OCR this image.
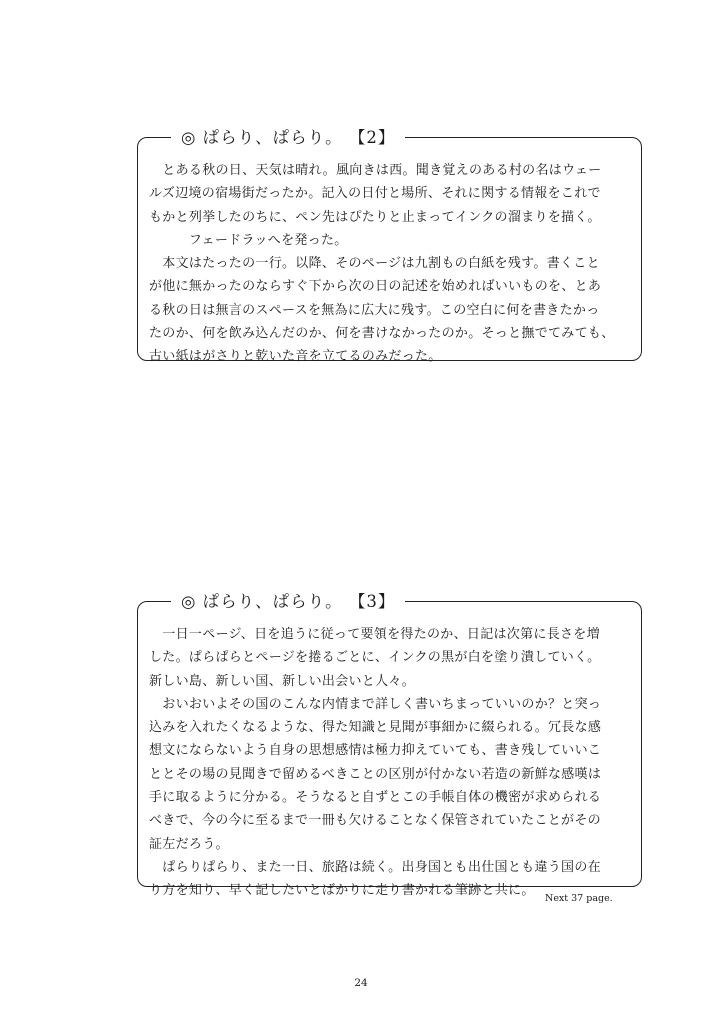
◎ ぱらり、ぱらり。 【2】

　とある秋の日、天気は晴れ。風向きは西。聞き覚えのある村の名はウェー

ルズ辺境の宿場街だったか。記入の日付と場所、それに関する情報をこれで

もかと列挙したのちに、ペン先はぴたりと止まってインクの溜まりを描く。

　　　フェードラッへを発った。

　本文はたったの一行。以降、そのページは九割もの白紙を残す。書くこと

が他に無かったのならすぐ下から次の日の記述を始めればいいものを、とあ

る秋の日は無言のスペースを無為に広大に残す。この空白に何を書きたかっ

たのか、何を飲み込んだのか、何を書けなかったのか。そっと撫でてみても、

古い紙はがさりと乾いた音を立てるのみだった。

◎ ぱらり、ぱらり。 【3】

　一日一ページ、日を追うに従って要領を得たのか、日記は次第に長さを増

した。ぱらぱらとページを捲るごとに、インクの黒が白を塗り潰していく。

新しい島、新しい国、新しい出会いと人々。

　おいおいよその国のこんな内情まで詳しく書いちまっていいのか？と突っ

込みを入れたくなるような、得た知識と見聞が事細かに綴られる。冗長な感

想文にならないよう自身の思想感情は極力抑えていても、書き残していいこ

ととその場の見聞きで留めるべきことの区別が付かない若造の新鮮な感嘆は

手に取るように分かる。そうなると自ずとこの手帳自体の機密が求められる

べきで、今の今に至るまで一冊も欠けることなく保管されていたことがその

証左だろう。

　ぱらりぱらり、また一日、旅路は続く。出身国とも出仕国とも違う国の在

り方を知り、早く記したいとばかりに走り書かれる筆跡と共に。

Next 37 page.
24
